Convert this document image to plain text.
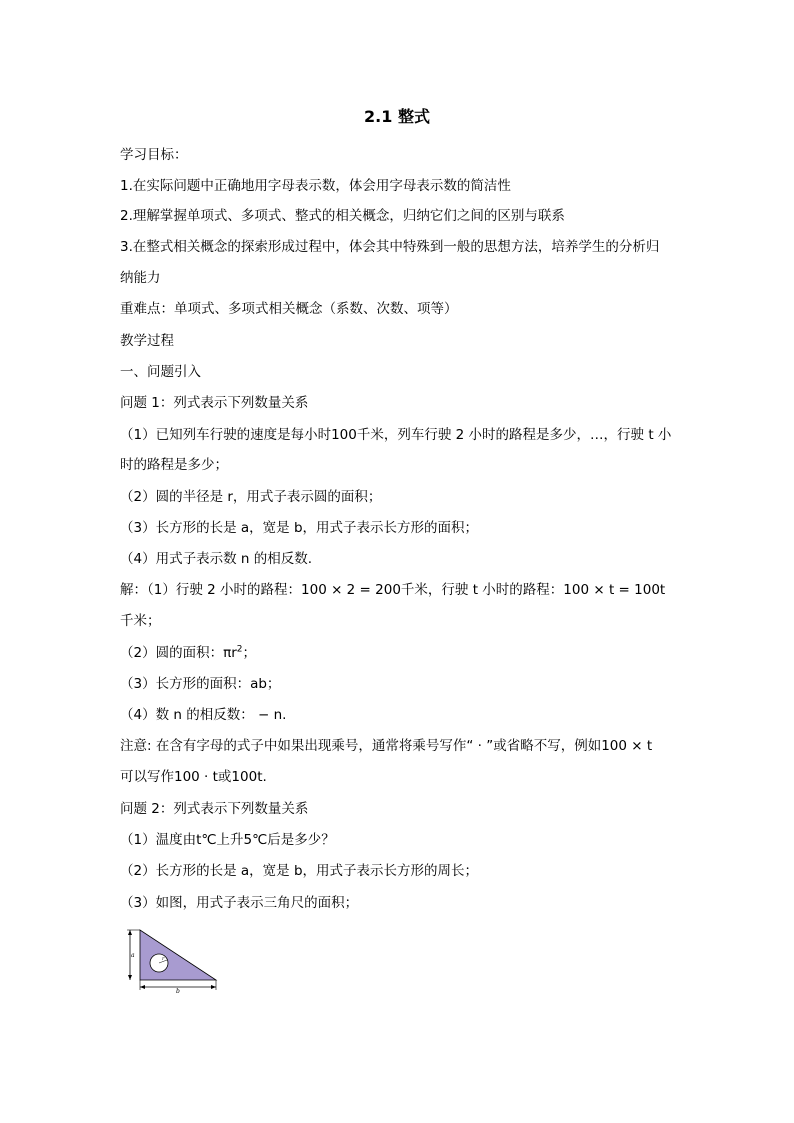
2.1 整式
学习目标：
1.在实际问题中正确地用字母表示数，体会用字母表示数的简洁性
2.理解掌握单项式、多项式、整式的相关概念，归纳它们之间的区别与联系
3.在整式相关概念的探索形成过程中，体会其中特殊到一般的思想方法，培养学生的分析归
纳能力
重难点：单项式、多项式相关概念（系数、次数、项等）
教学过程
一、问题引入
问题 1：列式表示下列数量关系
（1）已知列车行驶的速度是每小时100千米，列车行驶 2 小时的路程是多少，…，行驶 t 小
时的路程是多少；
（2）圆的半径是 r，用式子表示圆的面积；
（3）长方形的长是 a，宽是 b，用式子表示长方形的面积；
（4）用式子表示数 n 的相反数.
解：（1）行驶 2 小时的路程：100 × 2 = 200千米，行驶 t 小时的路程：100 × t = 100t
千米；
（2）圆的面积：$\pi r^2$；
（3）长方形的面积：ab；
（4）数 n 的相反数： − n.
注意: 在含有字母的式子中如果出现乘号，通常将乘号写作“ · ”或省略不写，例如100 × t
可以写作100 · t或100t.
问题 2：列式表示下列数量关系
（1）温度由t℃上升5℃后是多少？
（2）长方形的长是 a，宽是 b，用式子表示长方形的周长；
（3）如图，用式子表示三角尺的面积；
a	r
b
